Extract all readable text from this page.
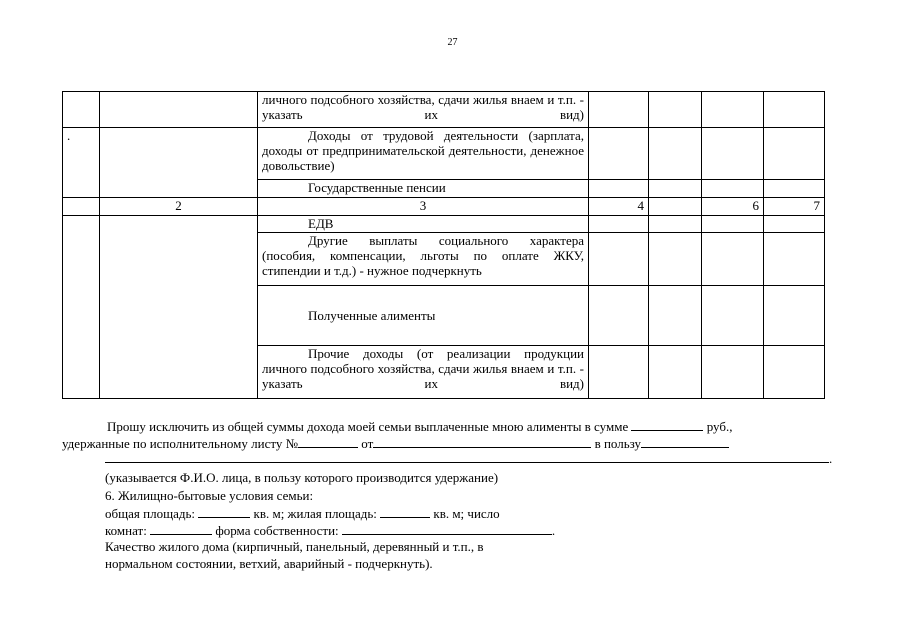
27

		личного подсобного хозяйства, сдачи жилья внаем и т.п. - указать их вид)				

.		Доходы от трудовой деятельности (зарплата, доходы от предпринимательской деятельности, денежное довольствие)				

		Государственные пенсии				

	2	3	4		6	7

		ЕДВ				

		Другие выплаты социального характера (пособия, компенсации, льготы по оплате ЖКУ, стипендии и т.д.) - нужное подчеркнуть				

		Полученные алименты				

		Прочие доходы (от реализации продукции личного подсобного хозяйства, сдачи жилья внаем и т.п. - указать их вид)				

Прошу исключить из общей суммы дохода моей семьи выплаченные мною алименты в сумме	руб.,
удержанные по исполнительному листу №	от	в пользу
.
(указывается Ф.И.О. лица, в пользу которого производится удержание)
6. Жилищно-бытовые условия семьи:
общая площадь:	кв. м; жилая площадь:	кв. м; число
комнат:	форма собственности:	.
Качество жилого дома (кирпичный, панельный, деревянный и т.п., в
нормальном состоянии, ветхий, аварийный - подчеркнуть).
